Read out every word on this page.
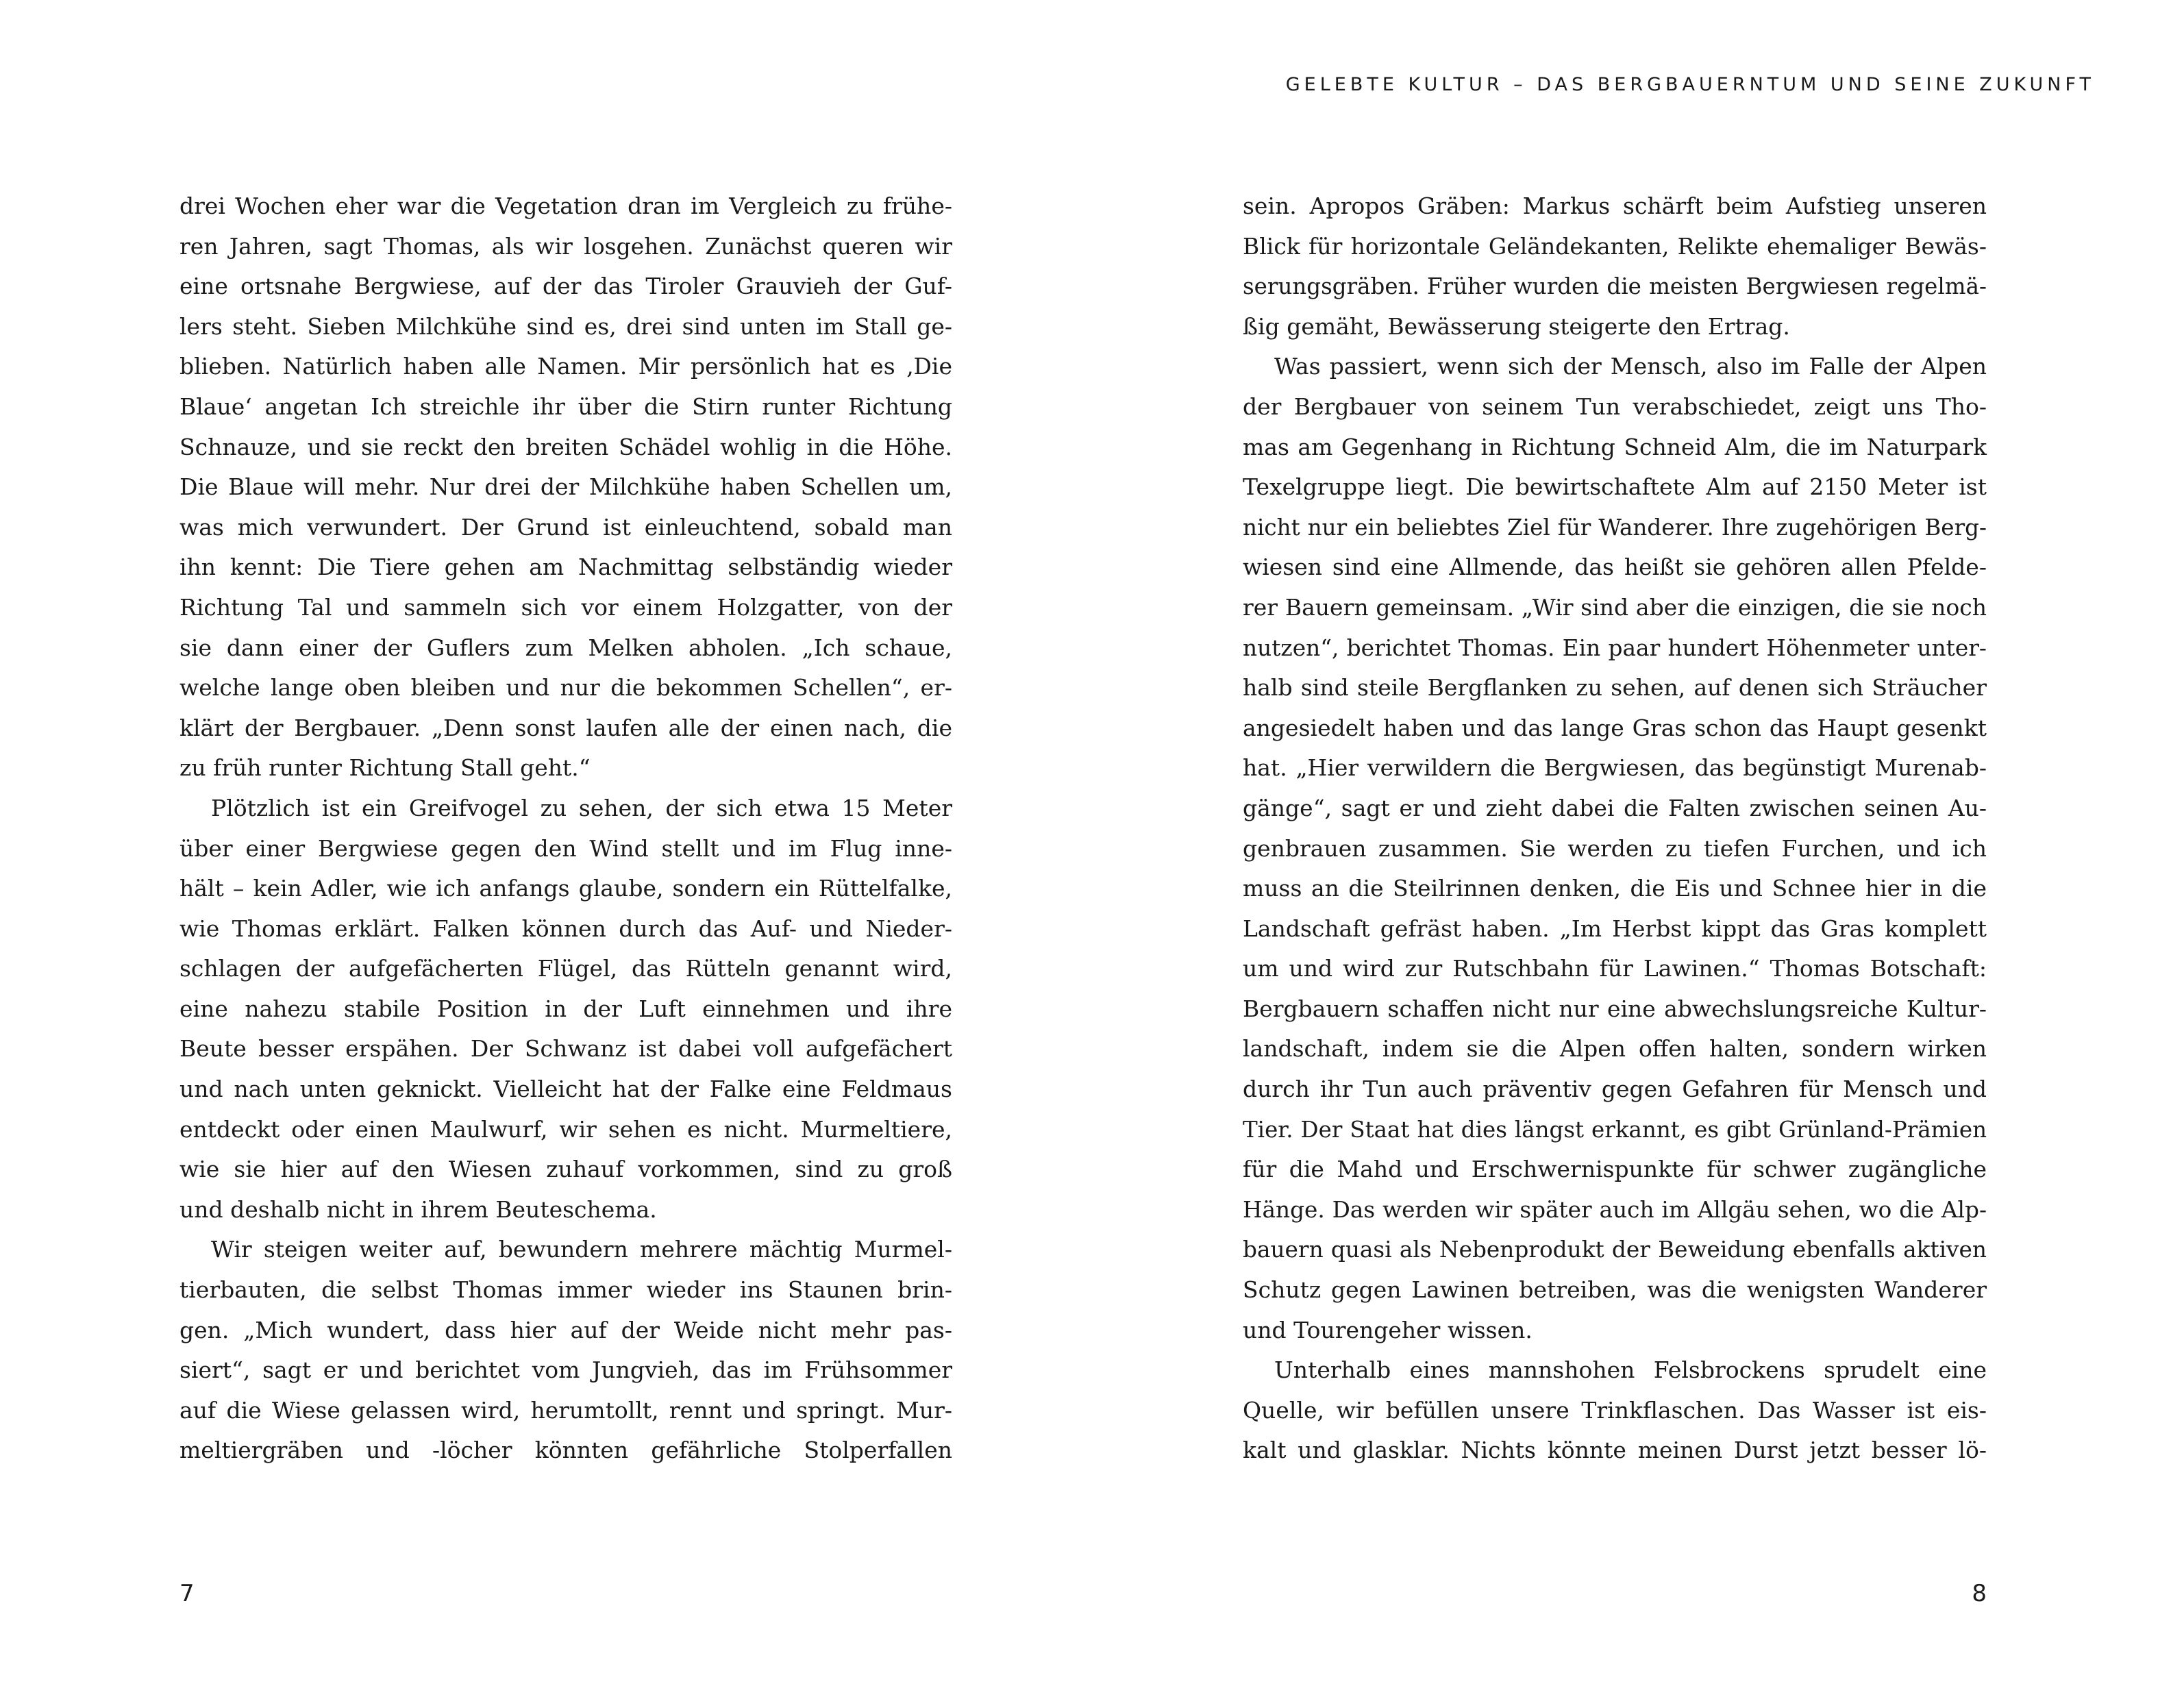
drei Wochen eher war die Vegetation dran im Vergleich zu frühe-
ren Jahren, sagt Thomas, als wir losgehen. Zunächst queren wir
eine ortsnahe Bergwiese, auf der das Tiroler Grauvieh der Guf-
lers steht. Sieben Milchkühe sind es, drei sind unten im Stall ge-
blieben. Natürlich haben alle Namen. Mir persönlich hat es ‚Die
Blaue‘ angetan Ich streichle ihr über die Stirn runter Richtung
Schnauze, und sie reckt den breiten Schädel wohlig in die Höhe.
Die Blaue will mehr. Nur drei der Milchkühe haben Schellen um,
was mich verwundert. Der Grund ist einleuchtend, sobald man
ihn kennt: Die Tiere gehen am Nachmittag selbständig wieder
Richtung Tal und sammeln sich vor einem Holzgatter, von der
sie dann einer der Guflers zum Melken abholen. „Ich schaue,
welche lange oben bleiben und nur die bekommen Schellen“, er-
klärt der Bergbauer. „Denn sonst laufen alle der einen nach, die
zu früh runter Richtung Stall geht.“
Plötzlich ist ein Greifvogel zu sehen, der sich etwa 15 Meter
über einer Bergwiese gegen den Wind stellt und im Flug inne-
hält – kein Adler, wie ich anfangs glaube, sondern ein Rüttelfalke,
wie Thomas erklärt. Falken können durch das Auf- und Nieder-
schlagen der aufgefächerten Flügel, das Rütteln genannt wird,
eine nahezu stabile Position in der Luft einnehmen und ihre
Beute besser erspähen. Der Schwanz ist dabei voll aufgefächert
und nach unten geknickt. Vielleicht hat der Falke eine Feldmaus
entdeckt oder einen Maulwurf, wir sehen es nicht. Murmeltiere,
wie sie hier auf den Wiesen zuhauf vorkommen, sind zu groß
und deshalb nicht in ihrem Beuteschema.
Wir steigen weiter auf, bewundern mehrere mächtig Murmel-
tierbauten, die selbst Thomas immer wieder ins Staunen brin-
gen. „Mich wundert, dass hier auf der Weide nicht mehr pas-
siert“, sagt er und berichtet vom Jungvieh, das im Frühsommer
auf die Wiese gelassen wird, herumtollt, rennt und springt. Mur-
meltiergräben und -löcher könnten gefährliche Stolperfallen
7
GELEBTE KULTUR – DAS BERGBAUERNTUM UND SEINE ZUKUNFT
sein. Apropos Gräben: Markus schärft beim Aufstieg unseren
Blick für horizontale Geländekanten, Relikte ehemaliger Bewäs-
serungsgräben. Früher wurden die meisten Bergwiesen regelmä-
ßig gemäht, Bewässerung steigerte den Ertrag.
Was passiert, wenn sich der Mensch, also im Falle der Alpen
der Bergbauer von seinem Tun verabschiedet, zeigt uns Tho-
mas am Gegenhang in Richtung Schneid Alm, die im Naturpark
Texelgruppe liegt. Die bewirtschaftete Alm auf 2150 Meter ist
nicht nur ein beliebtes Ziel für Wanderer. Ihre zugehörigen Berg-
wiesen sind eine Allmende, das heißt sie gehören allen Pfelde-
rer Bauern gemeinsam. „Wir sind aber die einzigen, die sie noch
nutzen“, berichtet Thomas. Ein paar hundert Höhenmeter unter-
halb sind steile Bergflanken zu sehen, auf denen sich Sträucher
angesiedelt haben und das lange Gras schon das Haupt gesenkt
hat. „Hier verwildern die Bergwiesen, das begünstigt Murenab-
gänge“, sagt er und zieht dabei die Falten zwischen seinen Au-
genbrauen zusammen. Sie werden zu tiefen Furchen, und ich
muss an die Steilrinnen denken, die Eis und Schnee hier in die
Landschaft gefräst haben. „Im Herbst kippt das Gras komplett
um und wird zur Rutschbahn für Lawinen.“ Thomas Botschaft:
Bergbauern schaffen nicht nur eine abwechslungsreiche Kultur-
landschaft, indem sie die Alpen offen halten, sondern wirken
durch ihr Tun auch präventiv gegen Gefahren für Mensch und
Tier. Der Staat hat dies längst erkannt, es gibt Grünland-Prämien
für die Mahd und Erschwernispunkte für schwer zugängliche
Hänge. Das werden wir später auch im Allgäu sehen, wo die Alp-
bauern quasi als Nebenprodukt der Beweidung ebenfalls aktiven
Schutz gegen Lawinen betreiben, was die wenigsten Wanderer
und Tourengeher wissen.
Unterhalb eines mannshohen Felsbrockens sprudelt eine
Quelle, wir befüllen unsere Trinkflaschen. Das Wasser ist eis-
kalt und glasklar. Nichts könnte meinen Durst jetzt besser lö-
8
